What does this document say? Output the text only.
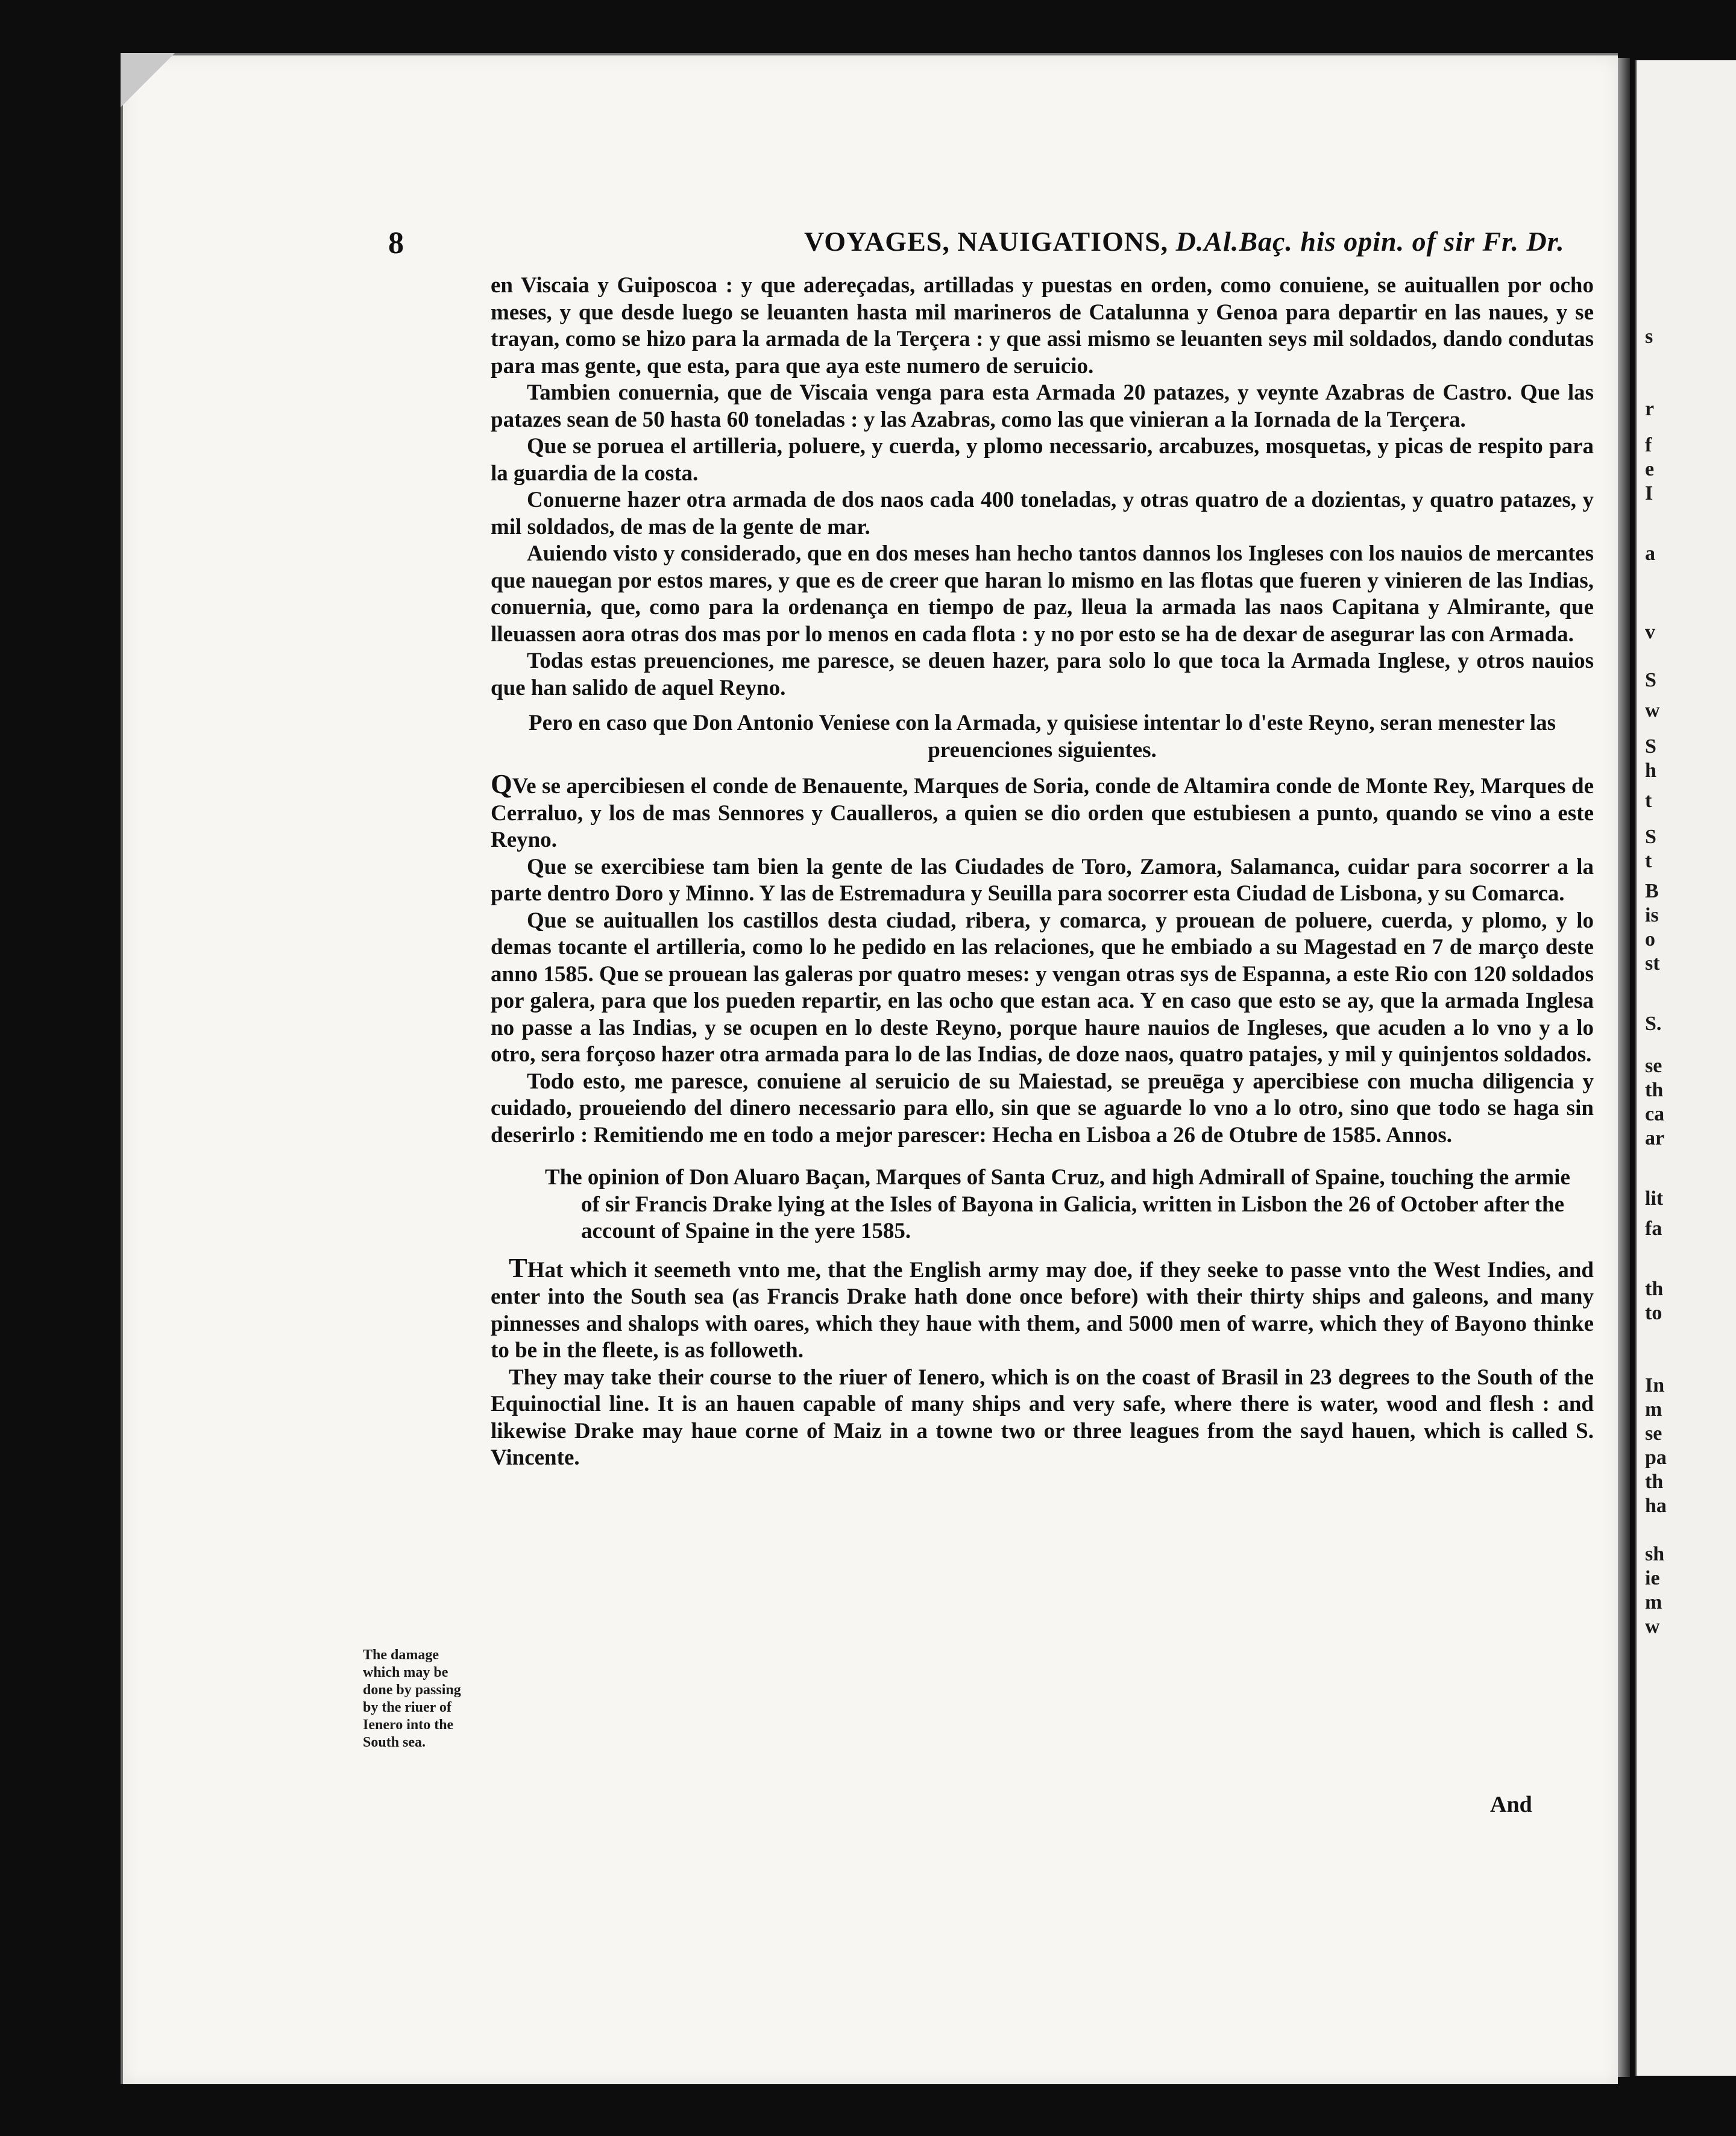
s
r
f
e
I
a
v
S
w
S
h
t
S
t
B
is
o
st
S.
se
th
ca
ar
lit
fa
th
to
In
m
se
pa
th
ha
sh
ie
m
w
8	VOYAGES, NAUIGATIONS, D.Al.Baç. his opin. of sir Fr. Dr.

en Viscaia y Guiposcoa : y que adereçadas, artilladas y puestas en orden, como conuiene, se auituallen por ocho meses, y que desde luego se leuanten hasta mil marineros de Catalunna y Genoa para departir en las naues, y se trayan, como se hizo para la armada de la Terçera : y que assi mismo se leuanten seys mil soldados, dando condutas para mas gente, que esta, para que aya este numero de seruicio.

Tambien conuernia, que de Viscaia venga para esta Armada 20 patazes, y veynte Azabras de Castro. Que las patazes sean de 50 hasta 60 toneladas : y las Azabras, como las que vinieran a la Iornada de la Terçera.

Que se poruea el artilleria, poluere, y cuerda, y plomo necessario, arcabuzes, mosquetas, y picas de respito para la guardia de la costa.

Conuerne hazer otra armada de dos naos cada 400 toneladas, y otras quatro de a dozientas, y quatro patazes, y mil soldados, de mas de la gente de mar.

Auiendo visto y considerado, que en dos meses han hecho tantos dannos los Ingleses con los nauios de mercantes que nauegan por estos mares, y que es de creer que haran lo mismo en las flotas que fueren y vinieren de las Indias, conuernia, que, como para la ordenança en tiempo de paz, lleua la armada las naos Capitana y Almirante, que lleuassen aora otras dos mas por lo menos en cada flota : y no por esto se ha de dexar de asegurar las con Armada.

Todas estas preuenciones, me paresce, se deuen hazer, para solo lo que toca la Armada Inglese, y otros nauios que han salido de aquel Reyno.

Pero en caso que Don Antonio Veniese con la Armada, y quisiese intentar lo d'este Reyno, seran menester las preuenciones siguientes.

QVe se apercibiesen el conde de Benauente, Marques de Soria, conde de Altamira conde de Monte Rey, Marques de Cerraluo, y los de mas Sennores y Caualleros, a quien se dio orden que estubiesen a punto, quando se vino a este Reyno.

Que se exercibiese tam bien la gente de las Ciudades de Toro, Zamora, Salamanca, cuidar para socorrer a la parte dentro Doro y Minno. Y las de Estremadura y Seuilla para socorrer esta Ciudad de Lisbona, y su Comarca.

Que se auituallen los castillos desta ciudad, ribera, y comarca, y prouean de poluere, cuerda, y plomo, y lo demas tocante el artilleria, como lo he pedido en las relaciones, que he embiado a su Magestad en 7 de março deste anno 1585. Que se prouean las galeras por quatro meses: y vengan otras sys de Espanna, a este Rio con 120 soldados por galera, para que los pueden repartir, en las ocho que estan aca. Y en caso que esto se ay, que la armada Inglesa no passe a las Indias, y se ocupen en lo deste Reyno, porque haure nauios de Ingleses, que acuden a lo vno y a lo otro, sera forçoso hazer otra armada para lo de las Indias, de doze naos, quatro patajes, y mil y quinjentos soldados.

Todo esto, me paresce, conuiene al seruicio de su Maiestad, se preuēga y apercibiese con mucha diligencia y cuidado, proueiendo del dinero necessario para ello, sin que se aguarde lo vno a lo otro, sino que todo se haga sin deserirlo : Remitiendo me en todo a mejor parescer: Hecha en Lisboa a 26 de Otubre de 1585. Annos.

The opinion of Don Aluaro Baçan, Marques of Santa Cruz, and high Admirall of Spaine, touching the armie of sir Francis Drake lying at the Isles of Bayona in Galicia, written in Lisbon the 26 of October after the account of Spaine in the yere 1585.

THat which it seemeth vnto me, that the English army may doe, if they seeke to passe vnto the West Indies, and enter into the South sea (as Francis Drake hath done once before) with their thirty ships and galeons, and many pinnesses and shalops with oares, which they haue with them, and 5000 men of warre, which they of Bayono thinke to be in the fleete, is as followeth.

They may take their course to the riuer of Ienero, which is on the coast of Brasil in 23 degrees to the South of the Equinoctial line. It is an hauen capable of many ships and very safe, where there is water, wood and flesh : and likewise Drake may haue corne of Maiz in a towne two or three leagues from the sayd hauen, which is called S. Vincente.

The damage which may be done by passing by the riuer of Ienero into the South sea.
And
